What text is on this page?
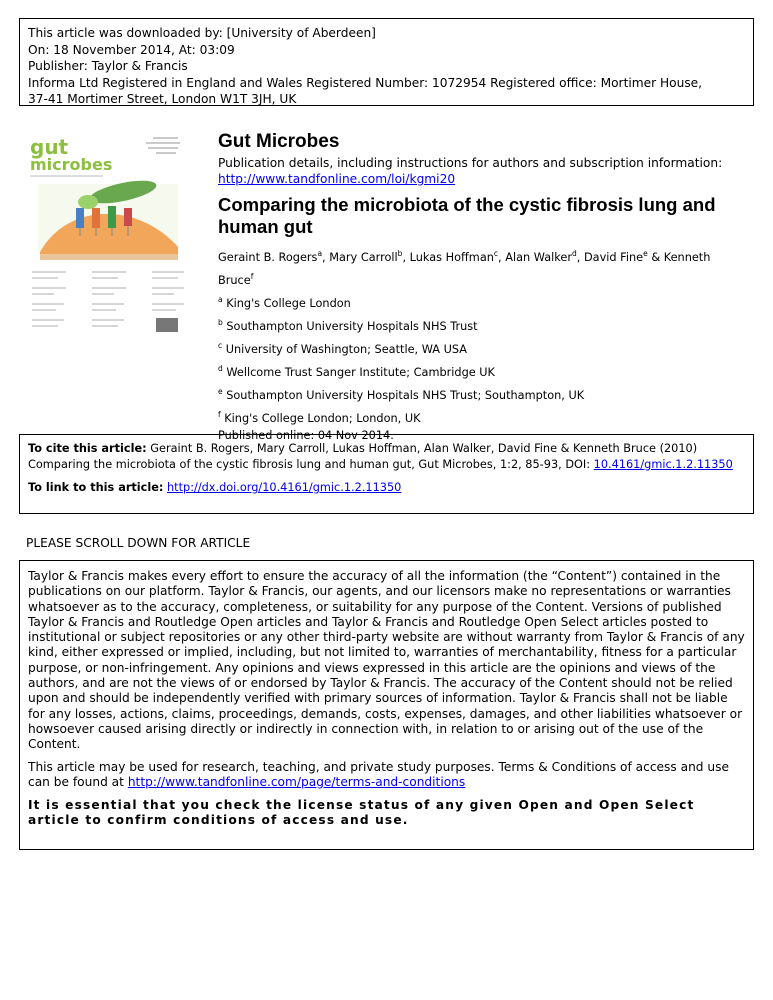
This article was downloaded by: [University of Aberdeen]
On: 18 November 2014, At: 03:09
Publisher: Taylor & Francis
Informa Ltd Registered in England and Wales Registered Number: 1072954 Registered office: Mortimer House,
37-41 Mortimer Street, London W1T 3JH, UK
gut
microbes
Gut Microbes
Publication details, including instructions for authors and subscription information:
http://www.tandfonline.com/loi/kgmi20
Comparing the microbiota of the cystic fibrosis lung and human gut
Geraint B. Rogers$^a$, Mary Carroll$^b$, Lukas Hoffman$^c$, Alan Walker$^d$, David Fine$^e$ & Kenneth Bruce$^f$
$^a$ King's College London
$^b$ Southampton University Hospitals NHS Trust
$^c$ University of Washington; Seattle, WA USA
$^d$ Wellcome Trust Sanger Institute; Cambridge UK
$^e$ Southampton University Hospitals NHS Trust; Southampton, UK
$^f$ King's College London; London, UK
Published online: 04 Nov 2014.
To cite this article: Geraint B. Rogers, Mary Carroll, Lukas Hoffman, Alan Walker, David Fine & Kenneth Bruce (2010) Comparing the microbiota of the cystic fibrosis lung and human gut, Gut Microbes, 1:2, 85-93, DOI: 10.4161/gmic.1.2.11350
To link to this article: http://dx.doi.org/10.4161/gmic.1.2.11350
PLEASE SCROLL DOWN FOR ARTICLE

Taylor & Francis makes every effort to ensure the accuracy of all the information (the “Content”) contained in the publications on our platform. Taylor & Francis, our agents, and our licensors make no representations or warranties whatsoever as to the accuracy, completeness, or suitability for any purpose of the Content. Versions of published Taylor & Francis and Routledge Open articles and Taylor & Francis and Routledge Open Select articles posted to institutional or subject repositories or any other third-party website are without warranty from Taylor & Francis of any kind, either expressed or implied, including, but not limited to, warranties of merchantability, fitness for a particular purpose, or non-infringement. Any opinions and views expressed in this article are the opinions and views of the authors, and are not the views of or endorsed by Taylor & Francis. The accuracy of the Content should not be relied upon and should be independently verified with primary sources of information. Taylor & Francis shall not be liable for any losses, actions, claims, proceedings, demands, costs, expenses, damages, and other liabilities whatsoever or howsoever caused arising directly or indirectly in connection with, in relation to or arising out of the use of the Content.

This article may be used for research, teaching, and private study purposes. Terms & Conditions of access and use can be found at http://www.tandfonline.com/page/terms-and-conditions

It is essential that you check the license status of any given Open and Open Select article to confirm conditions of access and use.
